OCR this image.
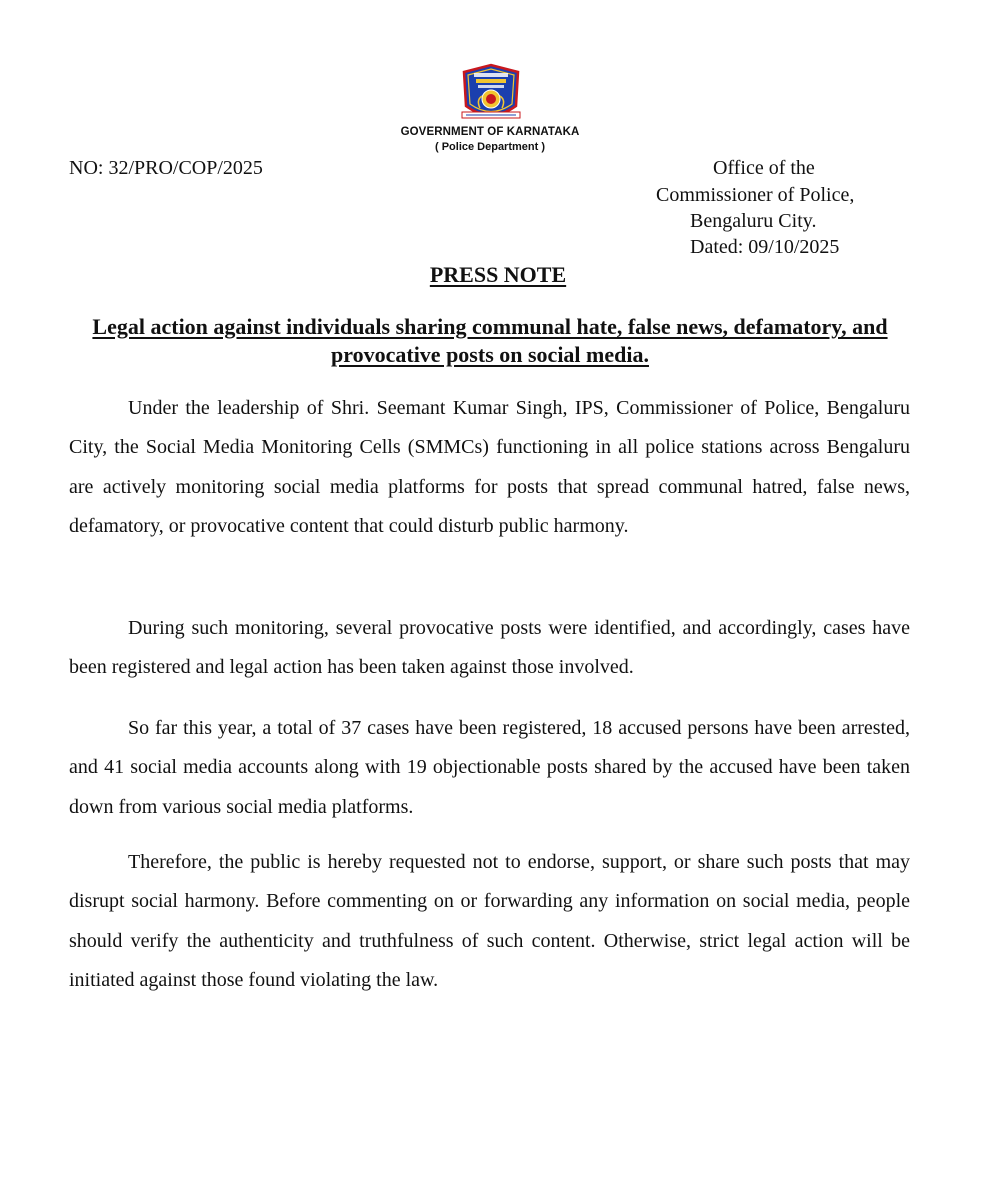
GOVERNMENT OF KARNATAKA
( Police Department )
NO: 32/PRO/COP/2025	Office of the
Commissioner of Police,
Bengaluru City.
Dated: 09/10/2025
PRESS NOTE
Legal action against individuals sharing communal hate, false news, defamatory, and provocative posts on social media.

Under the leadership of Shri. Seemant Kumar Singh, IPS, Commissioner of Police, Bengaluru City, the Social Media Monitoring Cells (SMMCs) functioning in all police stations across Bengaluru are actively monitoring social media platforms for posts that spread communal hatred, false news, defamatory, or provocative content that could disturb public harmony.

During such monitoring, several provocative posts were identified, and accordingly, cases have been registered and legal action has been taken against those involved.

So far this year, a total of 37 cases have been registered, 18 accused persons have been arrested, and 41 social media accounts along with 19 objectionable posts shared by the accused have been taken down from various social media platforms.

Therefore, the public is hereby requested not to endorse, support, or share such posts that may disrupt social harmony. Before commenting on or forwarding any information on social media, people should verify the authenticity and truthfulness of such content. Otherwise, strict legal action will be initiated against those found violating the law.
